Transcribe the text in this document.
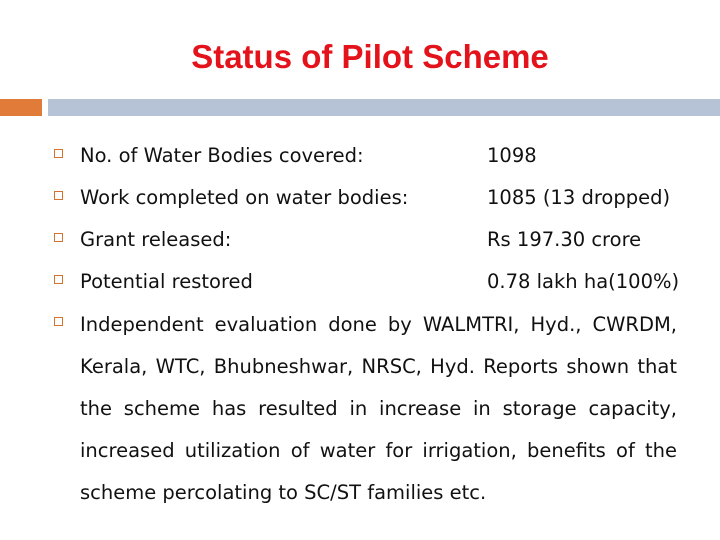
Status of Pilot Scheme
No. of Water Bodies covered:	1098
Work completed on water bodies:	1085 (13 dropped)
Grant released:	Rs 197.30 crore
Potential restored	0.78 lakh ha(100%)
Independent evaluation done by WALMTRI, Hyd., CWRDM, Kerala, WTC, Bhubneshwar, NRSC, Hyd. Reports shown that the scheme has resulted in increase in storage capacity, increased utilization of water for irrigation, benefits of the scheme percolating to SC/ST families etc.
